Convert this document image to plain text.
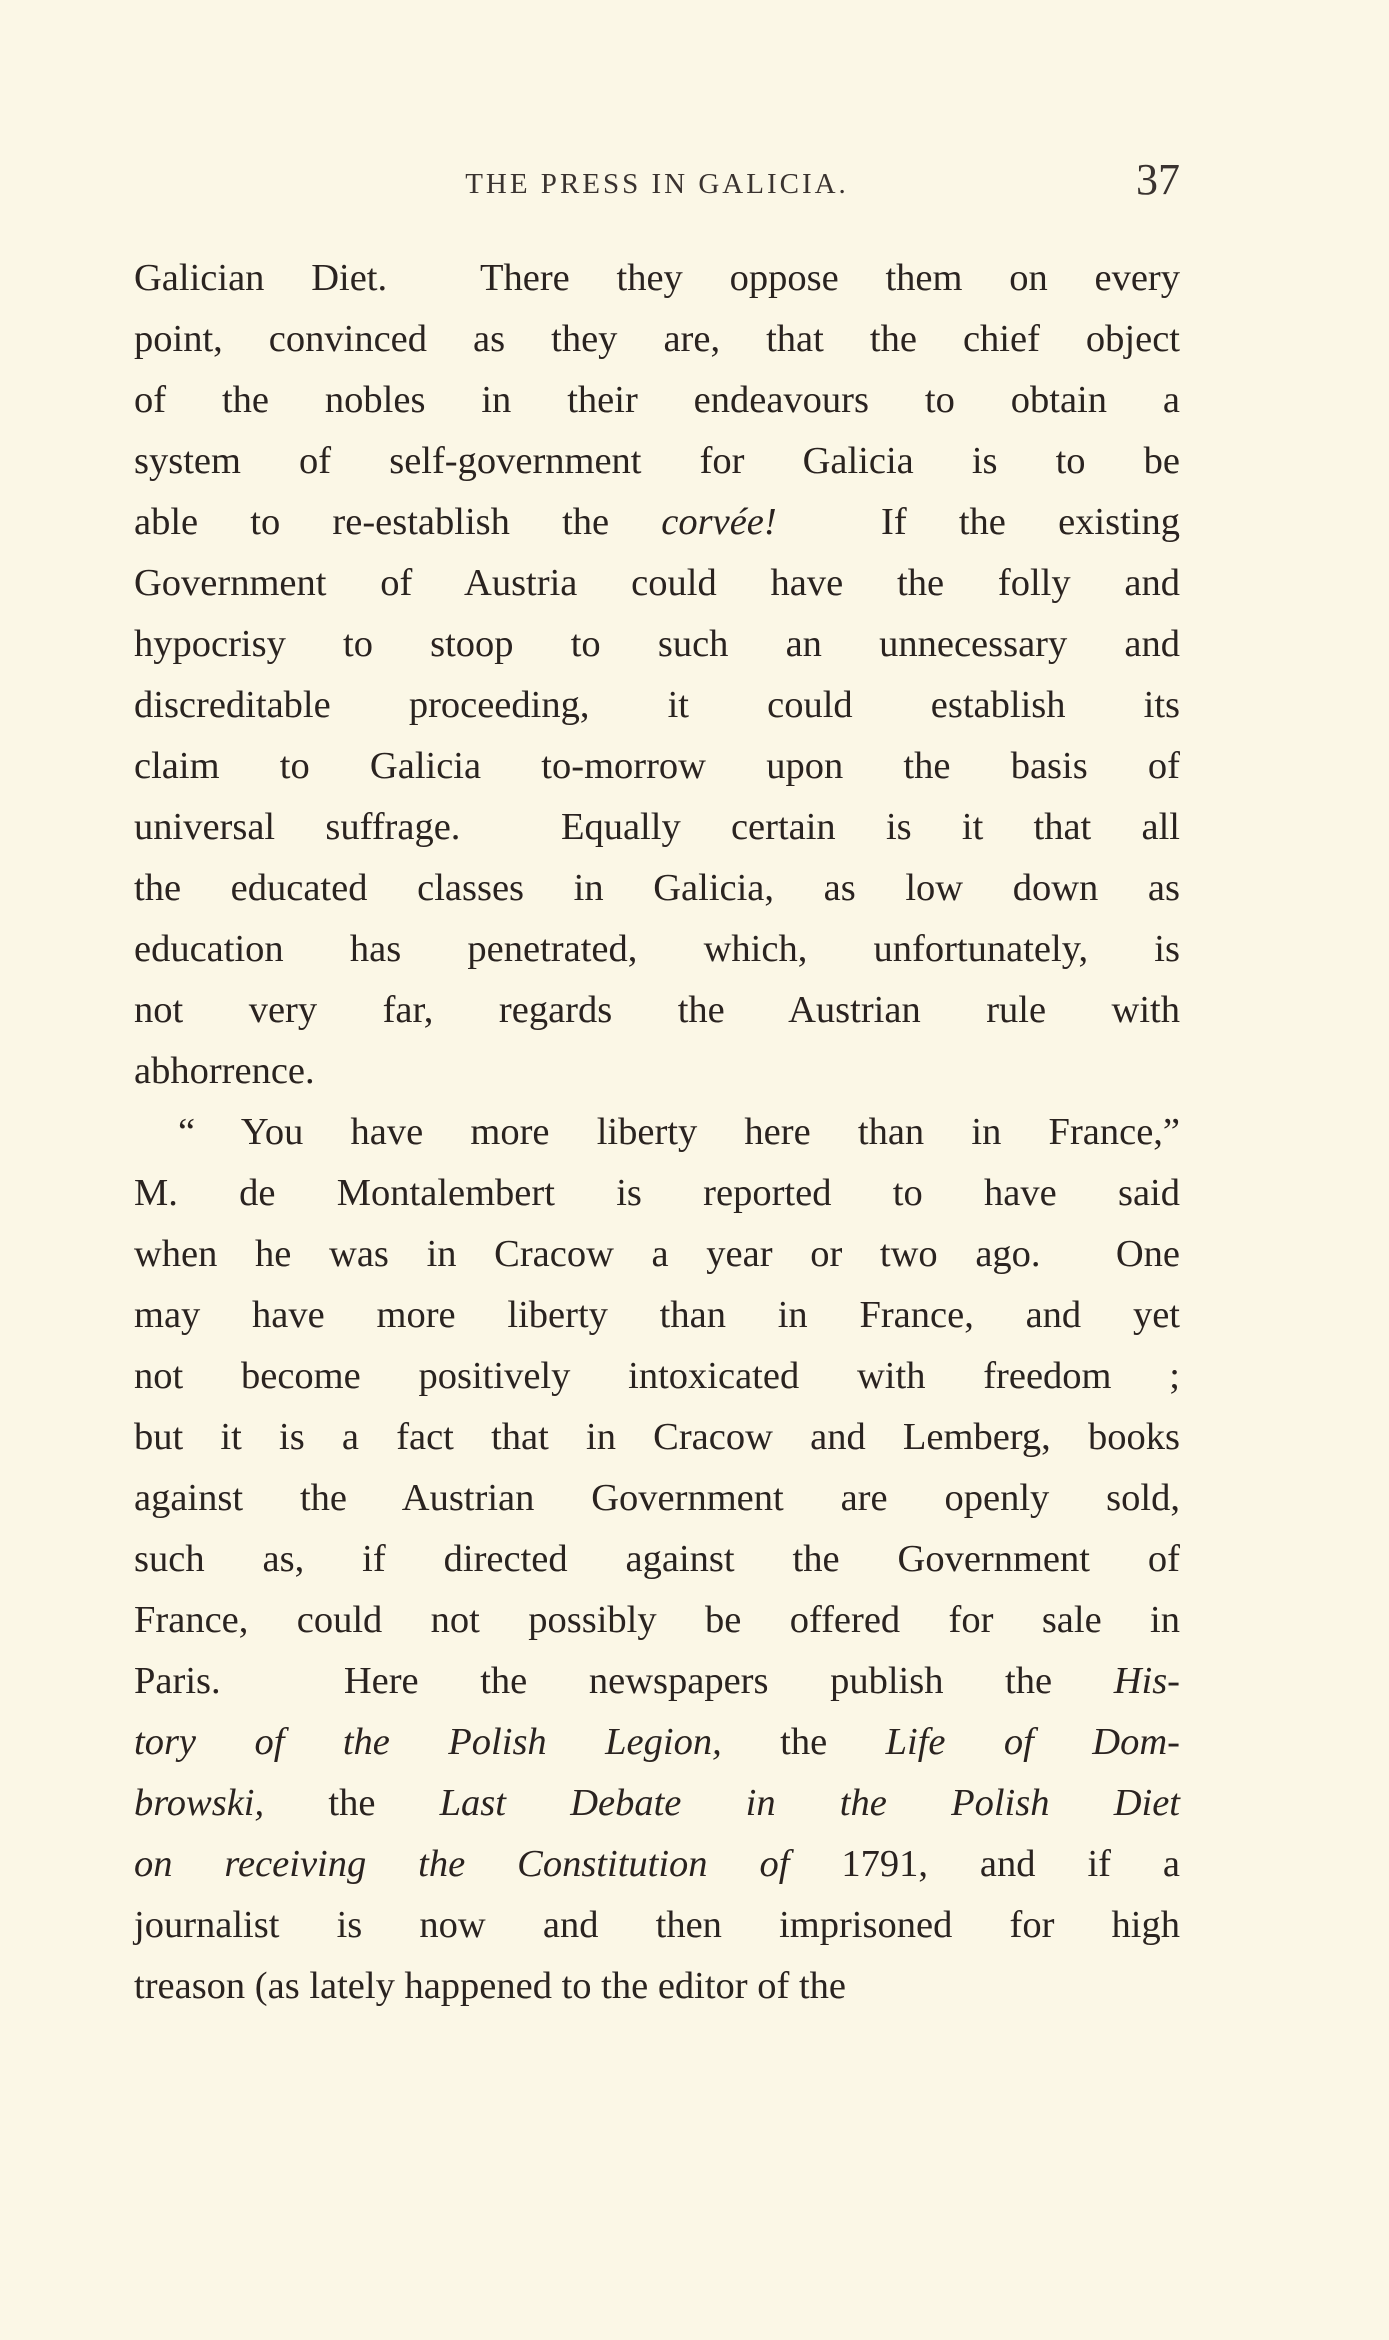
THE PRESS IN GALICIA.	37
Galician Diet.  There they oppose them on every
point, convinced as they are, that the chief object
of the nobles in their endeavours to obtain a
system of self-government for Galicia is to be
able to re-establish the corvée!  If the existing
Government of Austria could have the folly and
hypocrisy to stoop to such an unnecessary and
discreditable proceeding, it could establish its
claim to Galicia to-morrow upon the basis of
universal suffrage.  Equally certain is it that all
the educated classes in Galicia, as low down as
education has penetrated, which, unfortunately, is
not very far, regards the Austrian rule with
abhorrence.
“ You have more liberty here than in France,”
M. de Montalembert is reported to have said
when he was in Cracow a year or two ago.  One
may have more liberty than in France, and yet
not become positively intoxicated with freedom ;
but it is a fact that in Cracow and Lemberg, books
against the Austrian Government are openly sold,
such as, if directed against the Government of
France, could not possibly be offered for sale in
Paris.  Here the newspapers publish the His-
tory of the Polish Legion, the Life of Dom-
browski, the Last Debate in the Polish Diet
on receiving the Constitution of 1791, and if a
journalist is now and then imprisoned for high
treason (as lately happened to the editor of the
